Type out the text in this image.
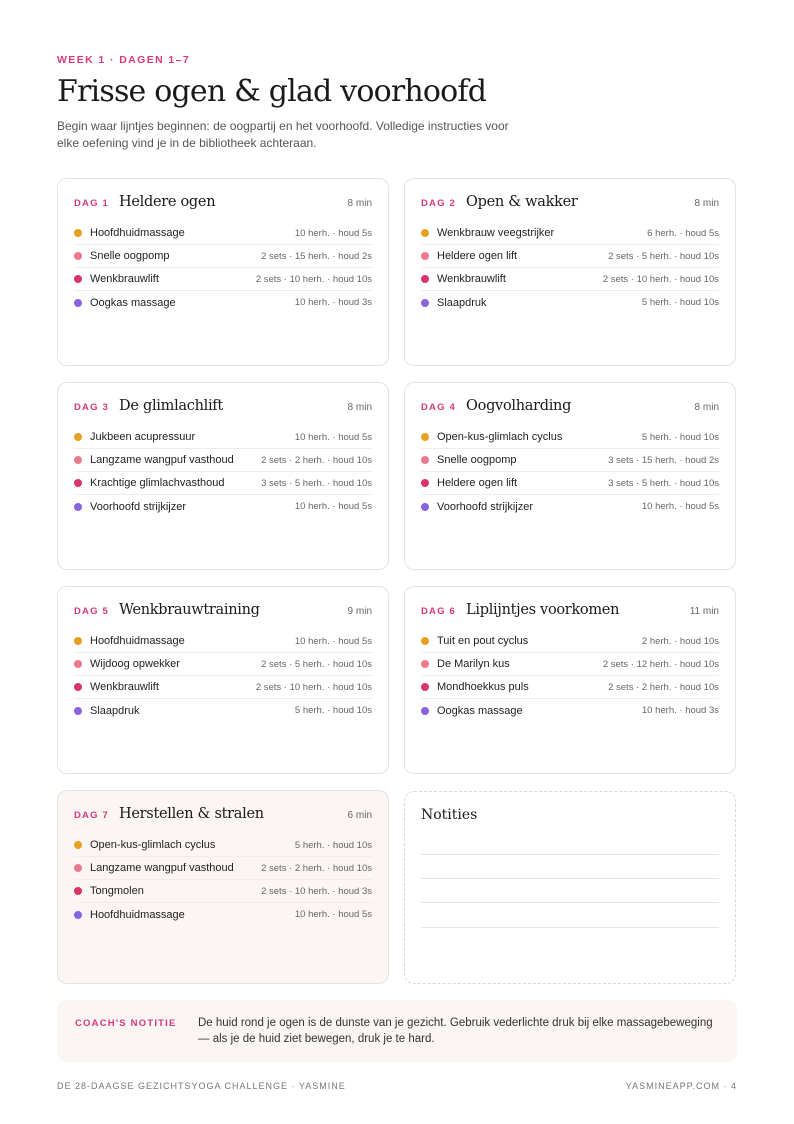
WEEK 1 · DAGEN 1–7
Frisse ogen & glad voorhoofd

Begin waar lijntjes beginnen: de oogpartij en het voorhoofd. Volledige instructies voor elke oefening vind je in de bibliotheek achteraan.

DAG 1 Heldere ogen	8 min
Hoofdhuidmassage	10 herh. · houd 5s
Snelle oogpomp	2 sets · 15 herh. · houd 2s
Wenkbrauwlift	2 sets · 10 herh. · houd 10s
Oogkas massage	10 herh. · houd 3s
DAG 2 Open & wakker	8 min
Wenkbrauw veegstrijker	6 herh. · houd 5s
Heldere ogen lift	2 sets · 5 herh. · houd 10s
Wenkbrauwlift	2 sets · 10 herh. · houd 10s
Slaapdruk	5 herh. · houd 10s
DAG 3 De glimlachlift	8 min
Jukbeen acupressuur	10 herh. · houd 5s
Langzame wangpuf vasthoud	2 sets · 2 herh. · houd 10s
Krachtige glimlachvasthoud	3 sets · 5 herh. · houd 10s
Voorhoofd strijkijzer	10 herh. · houd 5s
DAG 4 Oogvolharding	8 min
Open-kus-glimlach cyclus	5 herh. · houd 10s
Snelle oogpomp	3 sets · 15 herh. · houd 2s
Heldere ogen lift	3 sets · 5 herh. · houd 10s
Voorhoofd strijkijzer	10 herh. · houd 5s
DAG 5 Wenkbrauwtraining	9 min
Hoofdhuidmassage	10 herh. · houd 5s
Wijdoog opwekker	2 sets · 5 herh. · houd 10s
Wenkbrauwlift	2 sets · 10 herh. · houd 10s
Slaapdruk	5 herh. · houd 10s
DAG 6 Liplijntjes voorkomen	11 min
Tuit en pout cyclus	2 herh. · houd 10s
De Marilyn kus	2 sets · 12 herh. · houd 10s
Mondhoekkus puls	2 sets · 2 herh. · houd 10s
Oogkas massage	10 herh. · houd 3s
DAG 7 Herstellen & stralen	6 min
Open-kus-glimlach cyclus	5 herh. · houd 10s
Langzame wangpuf vasthoud	2 sets · 2 herh. · houd 10s
Tongmolen	2 sets · 10 herh. · houd 3s
Hoofdhuidmassage	10 herh. · houd 5s
Notities
COACH'S NOTITIE De huid rond je ogen is de dunste van je gezicht. Gebruik vederlichte druk bij elke massagebeweging — als je de huid ziet bewegen, druk je te hard.
DE 28-DAAGSE GEZICHTSYOGA CHALLENGE · YASMINE	YASMINEAPP.COM · 4
